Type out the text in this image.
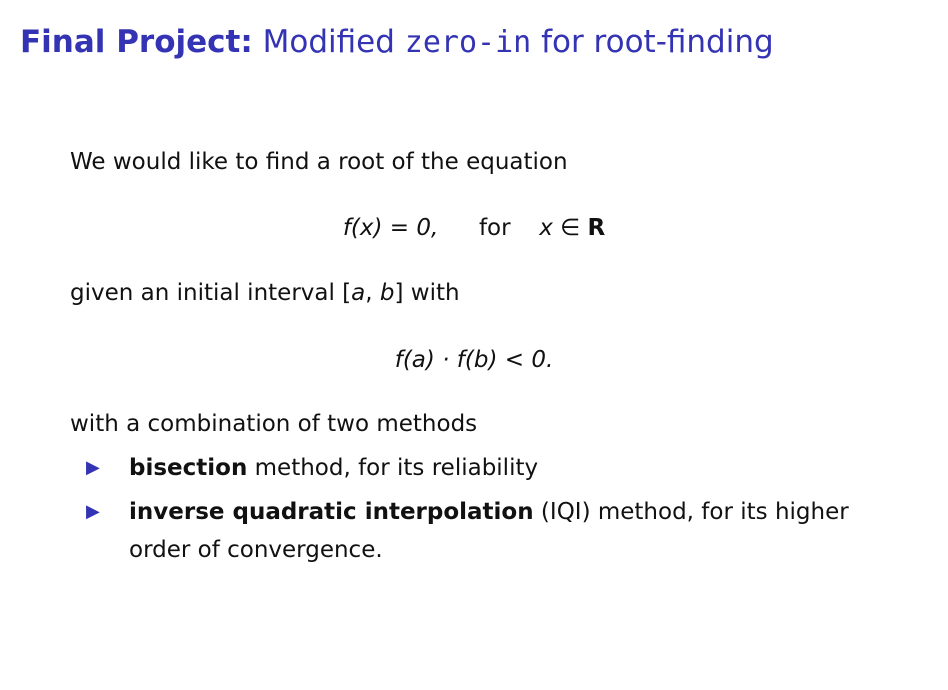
Final Project: Modified zero-in for root-finding
We would like to find a root of the equation
f(x) = 0, for x ∈ R
given an initial interval [a, b] with
f(a) · f(b) < 0.
with a combination of two methods
▶	bisection method, for its reliability
▶	inverse quadratic interpolation (IQI) method, for its higher order of convergence.
